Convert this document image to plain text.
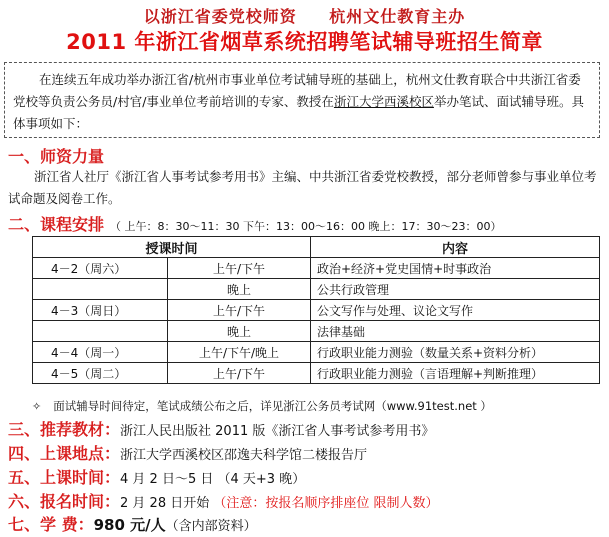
以浙江省委党校师资 杭州文仕教育主办
2011 年浙江省烟草系统招聘笔试辅导班招生简章
在连续五年成功举办浙江省/杭州市事业单位考试辅导班的基础上，杭州文仕教育联合中共浙江省委党校等负责公务员/村官/事业单位考前培训的专家、教授在浙江大学西溪校区举办笔试、面试辅导班。具体事项如下：
一、师资力量
浙江省人社厅《浙江省人事考试参考用书》主编、中共浙江省委党校教授，部分老师曾参与事业单位考试命题及阅卷工作。
二、课程安排 （ 上午：8：30～11：30 下午：13：00～16：00 晚上：17：30～23：00）
授课时间		内容
4－2（周六）	上午/下午	政治+经济+党史国情+时事政治
	晚上	公共行政管理
4－3（周日）	上午/下午	公文写作与处理、议论文写作
	晚上	法律基础
4－4（周一）	上午/下午/晚上	行政职业能力测验（数量关系+资料分析）
4－5（周二）	上午/下午	行政职业能力测验（言语理解+判断推理）
✧ 面试辅导时间待定，笔试成绩公布之后，详见浙江公务员考试网（www.91test.net ）
三、推荐教材：浙江人民出版社 2011 版《浙江省人事考试参考用书》
四、上课地点：浙江大学西溪校区邵逸夫科学馆二楼报告厅
五、上课时间：4 月 2 日～5 日 （4 天+3 晚）
六、报名时间：2 月 28 日开始 （注意：按报名顺序排座位 限制人数）
七、学 费：980 元/人（含内部资料）
